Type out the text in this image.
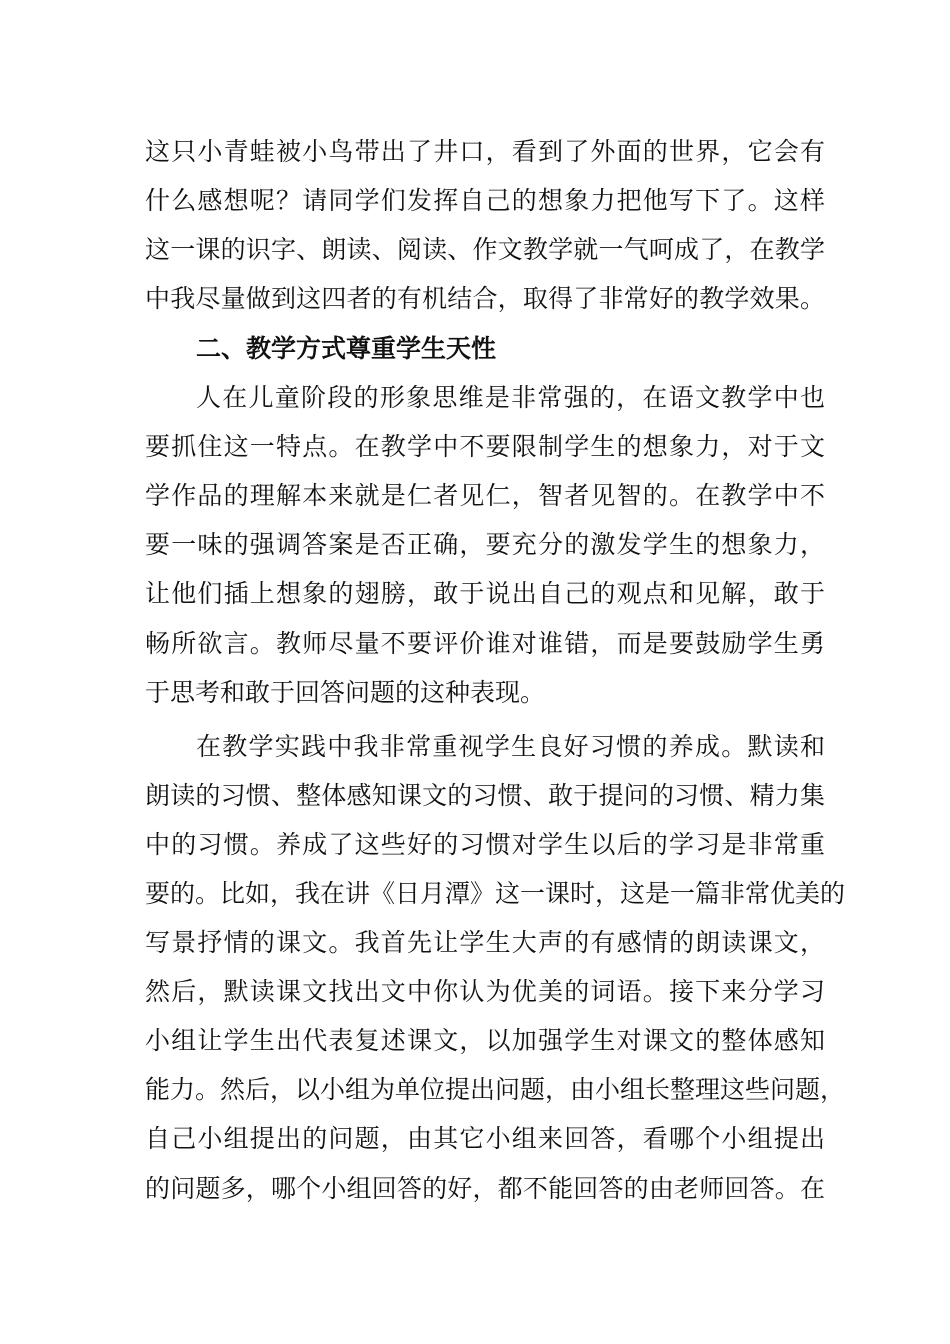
这只小青蛙被小鸟带出了井口，看到了外面的世界，它会有
什么感想呢？请同学们发挥自己的想象力把他写下了。这样
这一课的识字、朗读、阅读、作文教学就一气呵成了，在教学
中我尽量做到这四者的有机结合，取得了非常好的教学效果。
二、教学方式尊重学生天性
人在儿童阶段的形象思维是非常强的，在语文教学中也
要抓住这一特点。在教学中不要限制学生的想象力，对于文
学作品的理解本来就是仁者见仁，智者见智的。在教学中不
要一味的强调答案是否正确，要充分的激发学生的想象力，
让他们插上想象的翅膀，敢于说出自己的观点和见解，敢于
畅所欲言。教师尽量不要评价谁对谁错，而是要鼓励学生勇
于思考和敢于回答问题的这种表现。
在教学实践中我非常重视学生良好习惯的养成。默读和
朗读的习惯、整体感知课文的习惯、敢于提问的习惯、精力集
中的习惯。养成了这些好的习惯对学生以后的学习是非常重
要的。比如，我在讲《日月潭》这一课时，这是一篇非常优美的
写景抒情的课文。我首先让学生大声的有感情的朗读课文，
然后，默读课文找出文中你认为优美的词语。接下来分学习
小组让学生出代表复述课文，以加强学生对课文的整体感知
能力。然后，以小组为单位提出问题，由小组长整理这些问题，
自己小组提出的问题，由其它小组来回答，看哪个小组提出
的问题多，哪个小组回答的好，都不能回答的由老师回答。在
